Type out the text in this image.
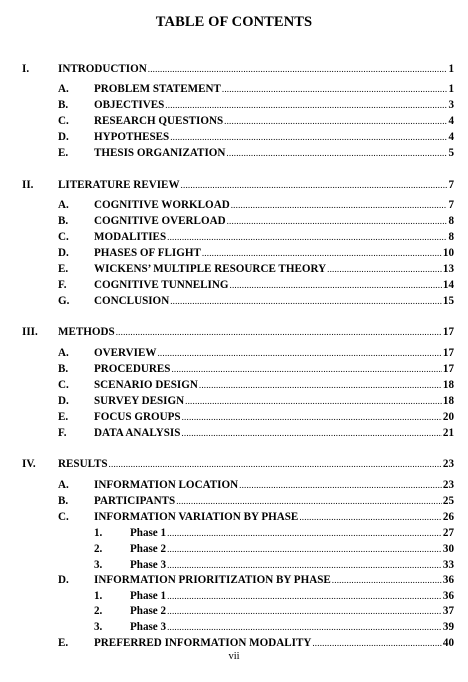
TABLE OF CONTENTS
I.	INTRODUCTION .....	1
A. PROBLEM STATEMENT .....	1
B. OBJECTIVES .....	3
C. RESEARCH QUESTIONS .....	4
D. HYPOTHESES .....	4
E. THESIS ORGANIZATION .....	5
II. LITERATURE REVIEW .....	7
A. COGNITIVE WORKLOAD .....	7
B. COGNITIVE OVERLOAD .....	8
C. MODALITIES .....	8
D. PHASES OF FLIGHT .....	10
E. WICKENS’ MULTIPLE RESOURCE THEORY .....	13
F. COGNITIVE TUNNELING .....	14
G. CONCLUSION .....	15
III. METHODS .....	17
A. OVERVIEW .....	17
B. PROCEDURES .....	17
C. SCENARIO DESIGN .....	18
D. SURVEY DESIGN .....	18
E. FOCUS GROUPS .....	20
F. DATA ANALYSIS .....	21
IV. RESULTS .....	23
A. INFORMATION LOCATION .....	23
B. PARTICIPANTS .....	25
C. INFORMATION VARIATION BY PHASE .....	26
1. Phase 1 .....	27
2. Phase 2 .....	30
3. Phase 3 .....	33
D. INFORMATION PRIORITIZATION BY PHASE .....	36
1. Phase 1 .....	36
2. Phase 2 .....	37
3. Phase 3 .....	39
E. PREFERRED INFORMATION MODALITY .....	40
vii
